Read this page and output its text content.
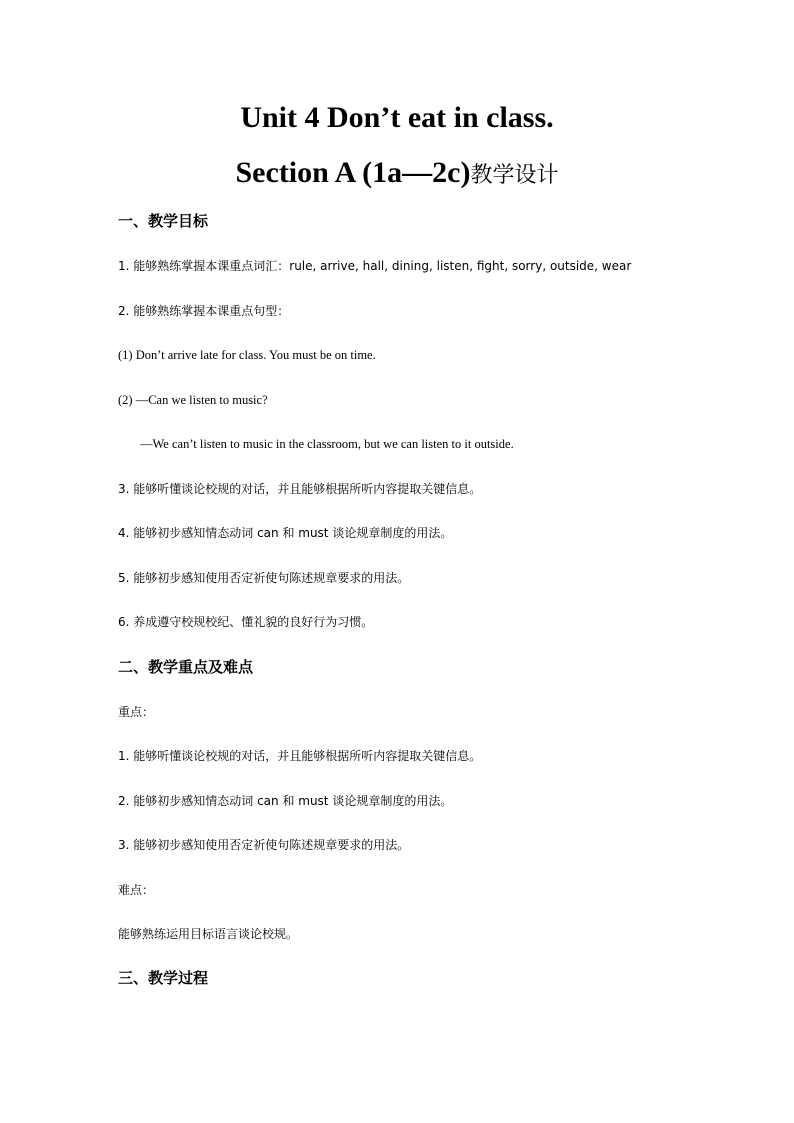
Unit 4 Don’t eat in class.
Section A (1a—2c)教学设计
一、教学目标
1. 能够熟练掌握本课重点词汇：rule, arrive, hall, dining, listen, fight, sorry, outside, wear
2. 能够熟练掌握本课重点句型：
(1) Don’t arrive late for class. You must be on time.
(2) —Can we listen to music?
—We can’t listen to music in the classroom, but we can listen to it outside.
3. 能够听懂谈论校规的对话，并且能够根据所听内容提取关键信息。
4. 能够初步感知情态动词 can 和 must 谈论规章制度的用法。
5. 能够初步感知使用否定祈使句陈述规章要求的用法。
6. 养成遵守校规校纪、懂礼貌的良好行为习惯。
二、教学重点及难点
重点：
1. 能够听懂谈论校规的对话，并且能够根据所听内容提取关键信息。
2. 能够初步感知情态动词 can 和 must 谈论规章制度的用法。
3. 能够初步感知使用否定祈使句陈述规章要求的用法。
难点：
能够熟练运用目标语言谈论校规。
三、教学过程
